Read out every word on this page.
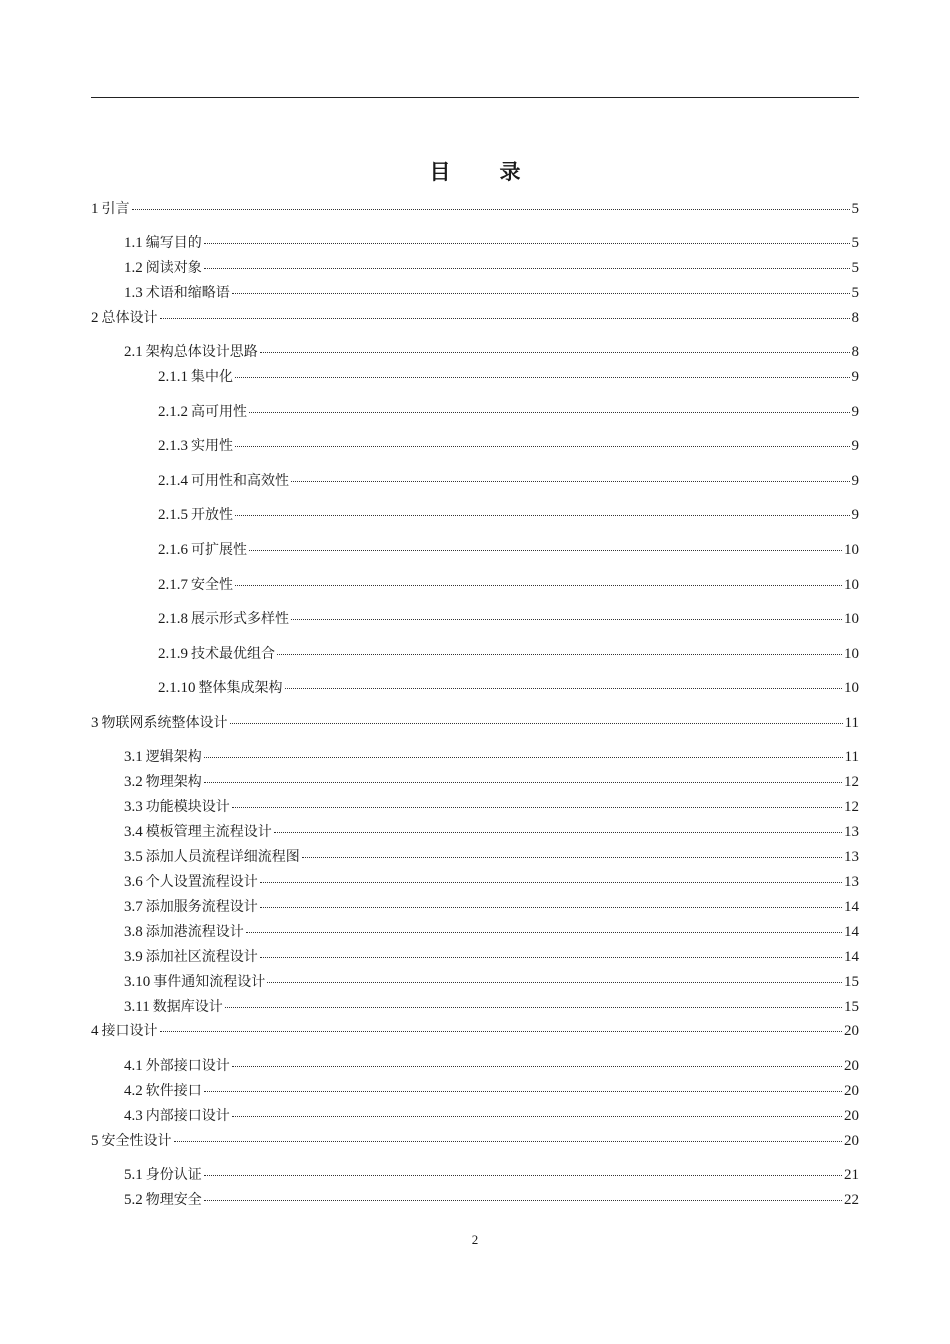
目　录
1 引言	5
1.1 编写目的	5
1.2 阅读对象	5
1.3 术语和缩略语	5
2 总体设计	8
2.1 架构总体设计思路	8
2.1.1 集中化	9
2.1.2 高可用性	9
2.1.3 实用性	9
2.1.4 可用性和高效性	9
2.1.5 开放性	9
2.1.6 可扩展性	10
2.1.7 安全性	10
2.1.8 展示形式多样性	10
2.1.9 技术最优组合	10
2.1.10 整体集成架构	10
3 物联网系统整体设计	11
3.1 逻辑架构	11
3.2 物理架构	12
3.3 功能模块设计	12
3.4 模板管理主流程设计	13
3.5 添加人员流程详细流程图	13
3.6 个人设置流程设计	13
3.7 添加服务流程设计	14
3.8 添加港流程设计	14
3.9 添加社区流程设计	14
3.10 事件通知流程设计	15
3.11 数据库设计	15
4 接口设计	20
4.1 外部接口设计	20
4.2 软件接口	20
4.3 内部接口设计	20
5 安全性设计	20
5.1 身份认证	21
5.2 物理安全	22
2
